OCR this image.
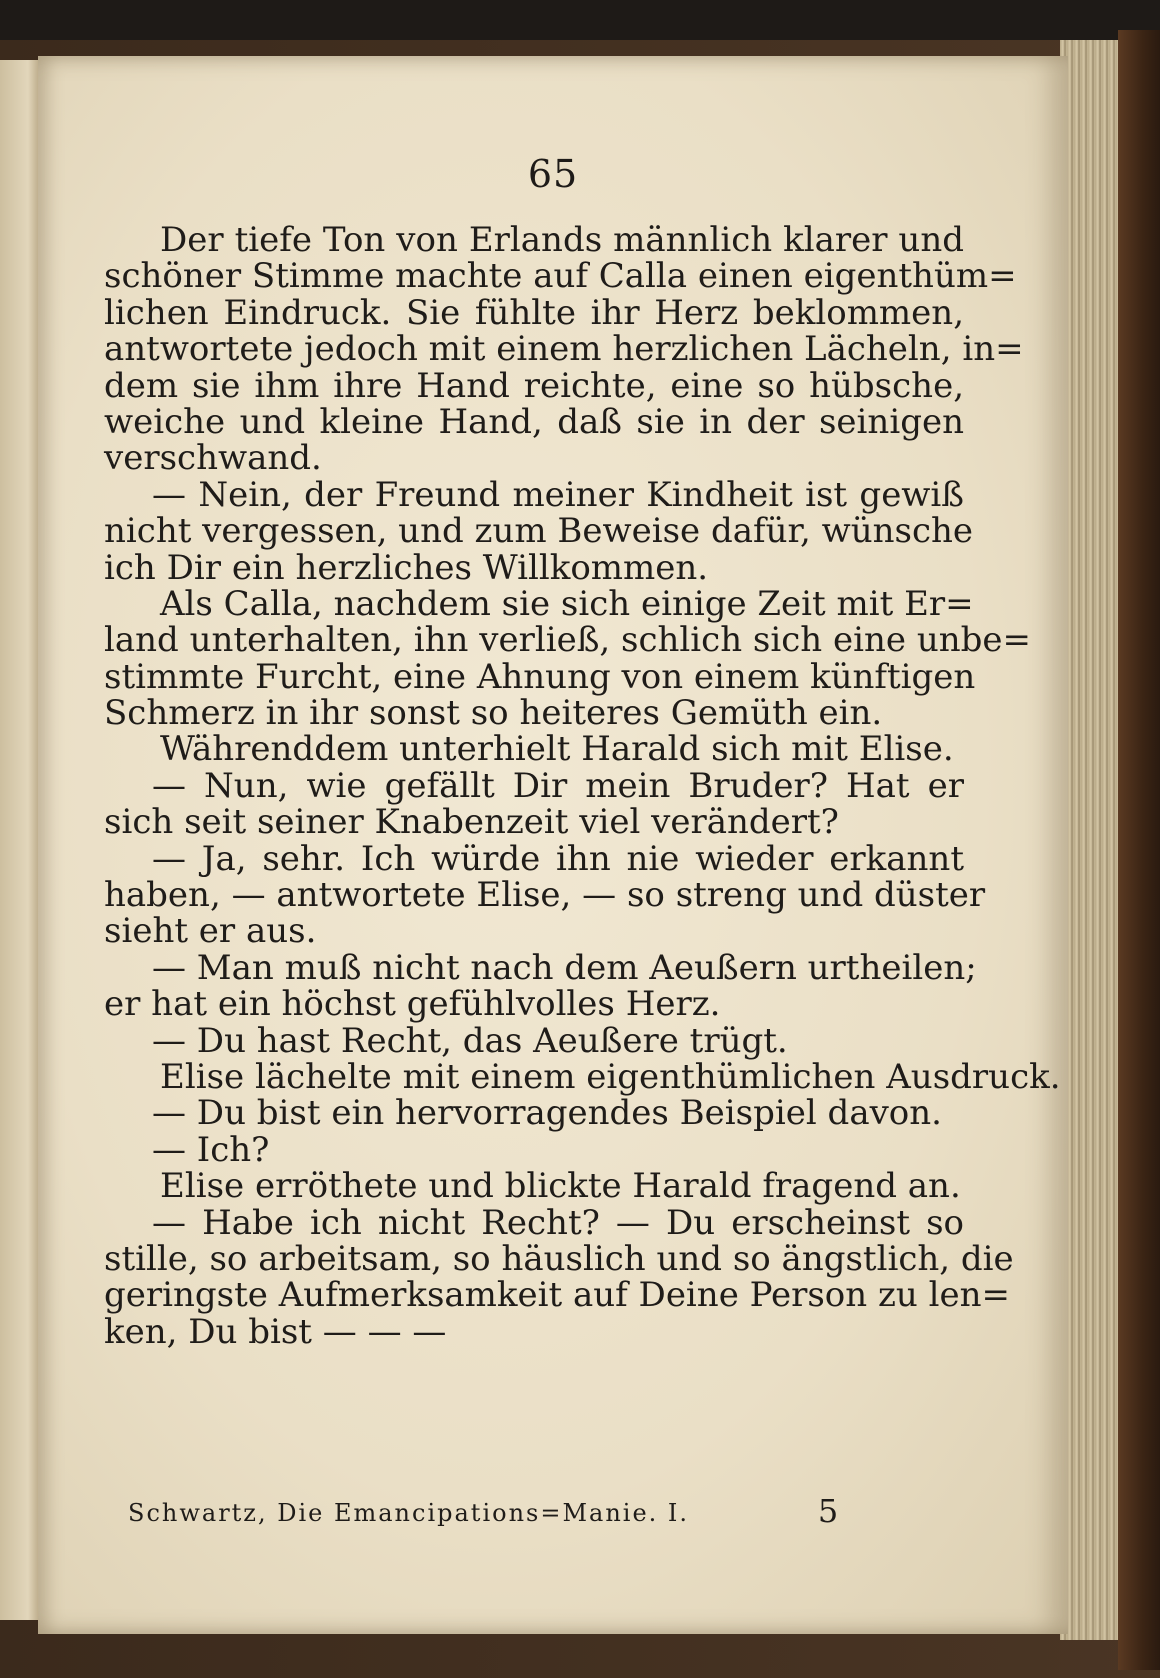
65
Der tiefe Ton von Erlands männlich klarer und
schöner Stimme machte auf Calla einen eigenthüm=
lichen Eindruck. Sie fühlte ihr Herz beklommen,
antwortete jedoch mit einem herzlichen Lächeln, in=
dem sie ihm ihre Hand reichte, eine so hübsche,
weiche und kleine Hand, daß sie in der seinigen
verschwand.
— Nein, der Freund meiner Kindheit ist gewiß
nicht vergessen, und zum Beweise dafür, wünsche
ich Dir ein herzliches Willkommen.
Als Calla, nachdem sie sich einige Zeit mit Er=
land unterhalten, ihn verließ, schlich sich eine unbe=
stimmte Furcht, eine Ahnung von einem künftigen
Schmerz in ihr sonst so heiteres Gemüth ein.
Währenddem unterhielt Harald sich mit Elise.
— Nun, wie gefällt Dir mein Bruder? Hat er
sich seit seiner Knabenzeit viel verändert?
— Ja, sehr. Ich würde ihn nie wieder erkannt
haben, — antwortete Elise, — so streng und düster
sieht er aus.
— Man muß nicht nach dem Aeußern urtheilen;
er hat ein höchst gefühlvolles Herz.
— Du hast Recht, das Aeußere trügt.
Elise lächelte mit einem eigenthümlichen Ausdruck.
— Du bist ein hervorragendes Beispiel davon.
— Ich?
Elise erröthete und blickte Harald fragend an.
— Habe ich nicht Recht? — Du erscheinst so
stille, so arbeitsam, so häuslich und so ängstlich, die
geringste Aufmerksamkeit auf Deine Person zu len=
ken, Du bist — — —
Schwartz, Die Emancipations=Manie. I.	5
